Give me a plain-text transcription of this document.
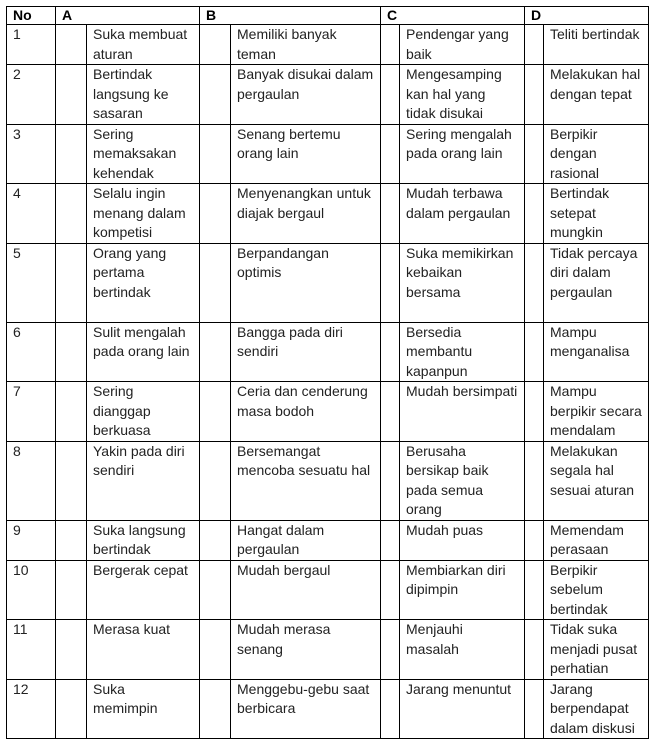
No	A		B		C		D	
1		Suka membuat aturan		Memiliki banyak teman		Pendengar yang baik		Teliti bertindak
2		Bertindak langsung ke sasaran		Banyak disukai dalam pergaulan		Mengesamping kan hal yang tidak disukai		Melakukan hal dengan tepat
3		Sering memaksakan kehendak		Senang bertemu orang lain		Sering mengalah pada orang lain		Berpikir dengan rasional
4		Selalu ingin menang dalam kompetisi		Menyenangkan untuk diajak bergaul		Mudah terbawa dalam pergaulan		Bertindak setepat mungkin
5		Orang yang pertama bertindak		Berpandangan optimis		Suka memikirkan kebaikan bersama		Tidak percaya diri dalam pergaulan
6		Sulit mengalah pada orang lain		Bangga pada diri sendiri		Bersedia membantu kapanpun		Mampu menganalisa
7		Sering dianggap berkuasa		Ceria dan cenderung masa bodoh		Mudah bersimpati		Mampu berpikir secara mendalam
8		Yakin pada diri sendiri		Bersemangat mencoba sesuatu hal		Berusaha bersikap baik pada semua orang		Melakukan segala hal sesuai aturan
9		Suka langsung bertindak		Hangat dalam pergaulan		Mudah puas		Memendam perasaan
10		Bergerak cepat		Mudah bergaul		Membiarkan diri dipimpin		Berpikir sebelum bertindak
11		Merasa kuat		Mudah merasa senang		Menjauhi masalah		Tidak suka menjadi pusat perhatian
12		Suka memimpin		Menggebu-gebu saat berbicara		Jarang menuntut		Jarang berpendapat dalam diskusi
